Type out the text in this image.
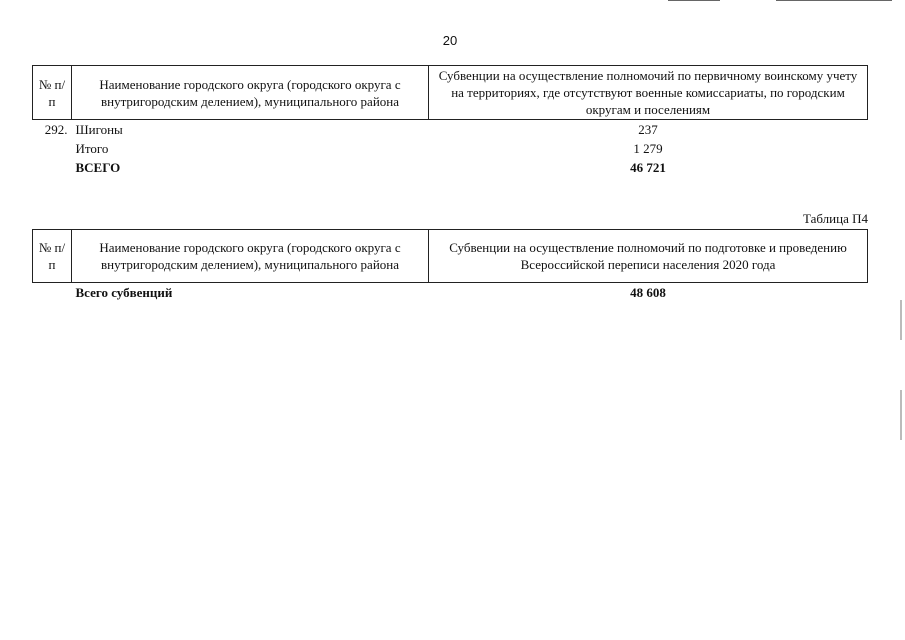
20
№ п/п	Наименование городского округа (городского округа с внутригородским делением), муниципального района	Субвенции на осуществление полномочий по первичному воинскому учету на территориях, где отсутствуют военные комиссариаты, по городским округам и поселениям
292.	Шигоны	237
	Итого	1 279
	ВСЕГО	46 721
Таблица П4
№ п/п	Наименование городского округа (городского округа с внутригородским делением), муниципального района	Субвенции на осуществление полномочий по подготовке и проведению Всероссийской переписи населения 2020 года
	Всего субвенций	48 608
